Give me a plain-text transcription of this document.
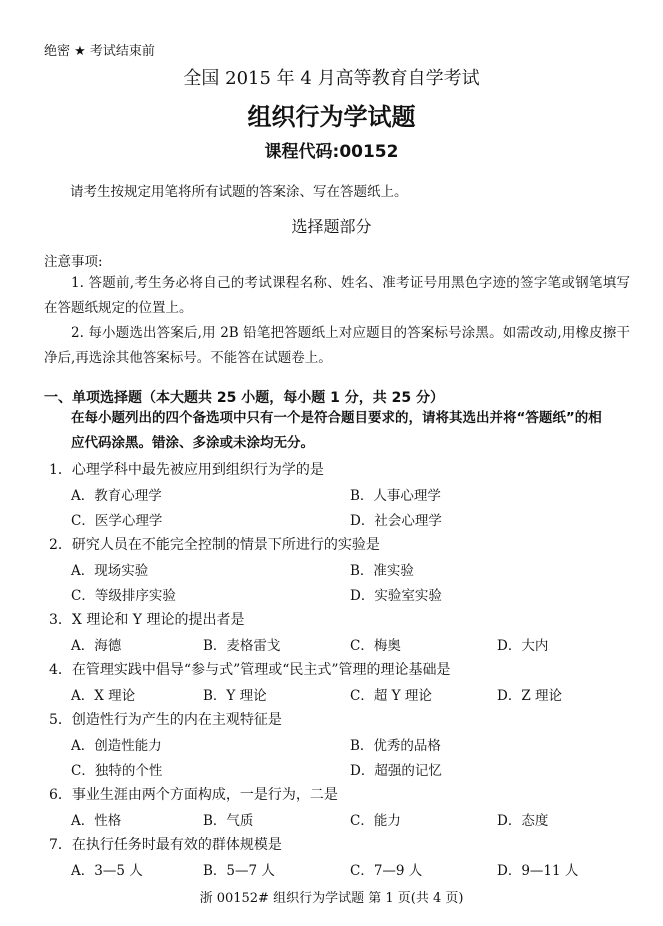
绝密 ★ 考试结束前
全国 2015 年 4 月高等教育自学考试
组织行为学试题
课程代码:00152
请考生按规定用笔将所有试题的答案涂、写在答题纸上。
选择题部分
注意事项:

1. 答题前,考生务必将自己的考试课程名称、姓名、准考证号用黑色字迹的签字笔或钢笔填写在答题纸规定的位置上。

2. 每小题选出答案后,用 2B 铅笔把答题纸上对应题目的答案标号涂黑。如需改动,用橡皮擦干净后,再选涂其他答案标号。不能答在试题卷上。

一、单项选择题（本大题共 25 小题，每小题 1 分，共 25 分）

在每小题列出的四个备选项中只有一个是符合题目要求的，请将其选出并将“答题纸”的相应代码涂黑。错涂、多涂或未涂均无分。

1．心理学科中最先被应用到组织行为学的是
A．教育心理学	B．人事心理学
C．医学心理学	D．社会心理学
2．研究人员在不能完全控制的情景下所进行的实验是
A．现场实验	B．准实验
C．等级排序实验	D．实验室实验
3．X 理论和 Y 理论的提出者是
A．海德	B．麦格雷戈	C．梅奥	D．大内
4．在管理实践中倡导“参与式”管理或“民主式”管理的理论基础是
A．X 理论	B．Y 理论	C．超 Y 理论	D．Z 理论
5．创造性行为产生的内在主观特征是
A．创造性能力	B．优秀的品格
C．独特的个性	D．超强的记忆
6．事业生涯由两个方面构成，一是行为，二是
A．性格	B．气质	C．能力	D．态度
7．在执行任务时最有效的群体规模是
A．3—5 人	B．5—7 人	C．7—9 人	D．9—11 人
浙 00152# 组织行为学试题 第 1 页(共 4 页)
